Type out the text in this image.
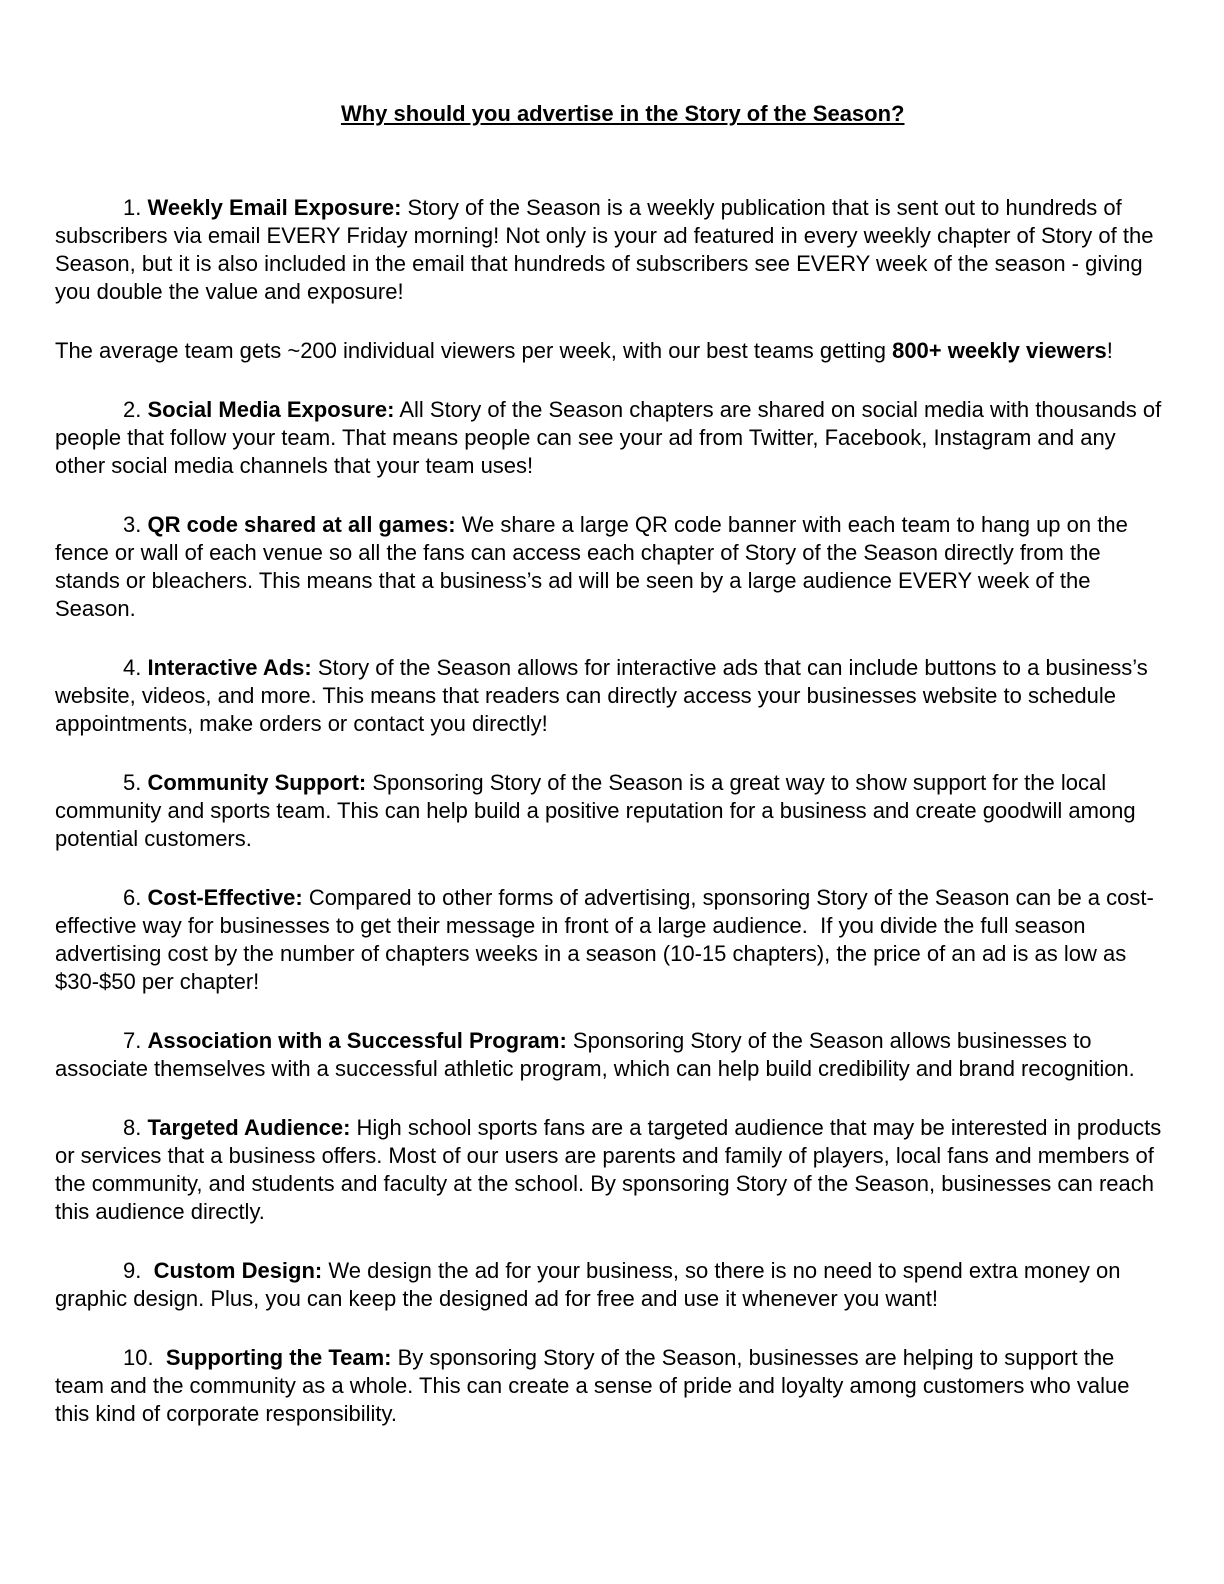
Why should you advertise in the Story of the Season?

1. Weekly Email Exposure: Story of the Season is a weekly publication that is sent out to hundreds of subscribers via email EVERY Friday morning! Not only is your ad featured in every weekly chapter of Story of the Season, but it is also included in the email that hundreds of subscribers see EVERY week of the season - giving you double the value and exposure!

The average team gets ~200 individual viewers per week, with our best teams getting 800+ weekly viewers!

2. Social Media Exposure: All Story of the Season chapters are shared on social media with thousands of people that follow your team. That means people can see your ad from Twitter, Facebook, Instagram and any other social media channels that your team uses!

3. QR code shared at all games: We share a large QR code banner with each team to hang up on the fence or wall of each venue so all the fans can access each chapter of Story of the Season directly from the stands or bleachers. This means that a business’s ad will be seen by a large audience EVERY week of the Season.

4. Interactive Ads: Story of the Season allows for interactive ads that can include buttons to a business’s website, videos, and more. This means that readers can directly access your businesses website to schedule appointments, make orders or contact you directly!

5. Community Support: Sponsoring Story of the Season is a great way to show support for the local community and sports team. This can help build a positive reputation for a business and create goodwill among potential customers.

6. Cost-Effective: Compared to other forms of advertising, sponsoring Story of the Season can be a cost-effective way for businesses to get their message in front of a large audience.  If you divide the full season advertising cost by the number of chapters weeks in a season (10-15 chapters), the price of an ad is as low as $30-$50 per chapter!

7. Association with a Successful Program: Sponsoring Story of the Season allows businesses to associate themselves with a successful athletic program, which can help build credibility and brand recognition.

8. Targeted Audience: High school sports fans are a targeted audience that may be interested in products or services that a business offers. Most of our users are parents and family of players, local fans and members of the community, and students and faculty at the school. By sponsoring Story of the Season, businesses can reach this audience directly.

9.  Custom Design: We design the ad for your business, so there is no need to spend extra money on graphic design. Plus, you can keep the designed ad for free and use it whenever you want!

10.  Supporting the Team: By sponsoring Story of the Season, businesses are helping to support the team and the community as a whole. This can create a sense of pride and loyalty among customers who value this kind of corporate responsibility.
